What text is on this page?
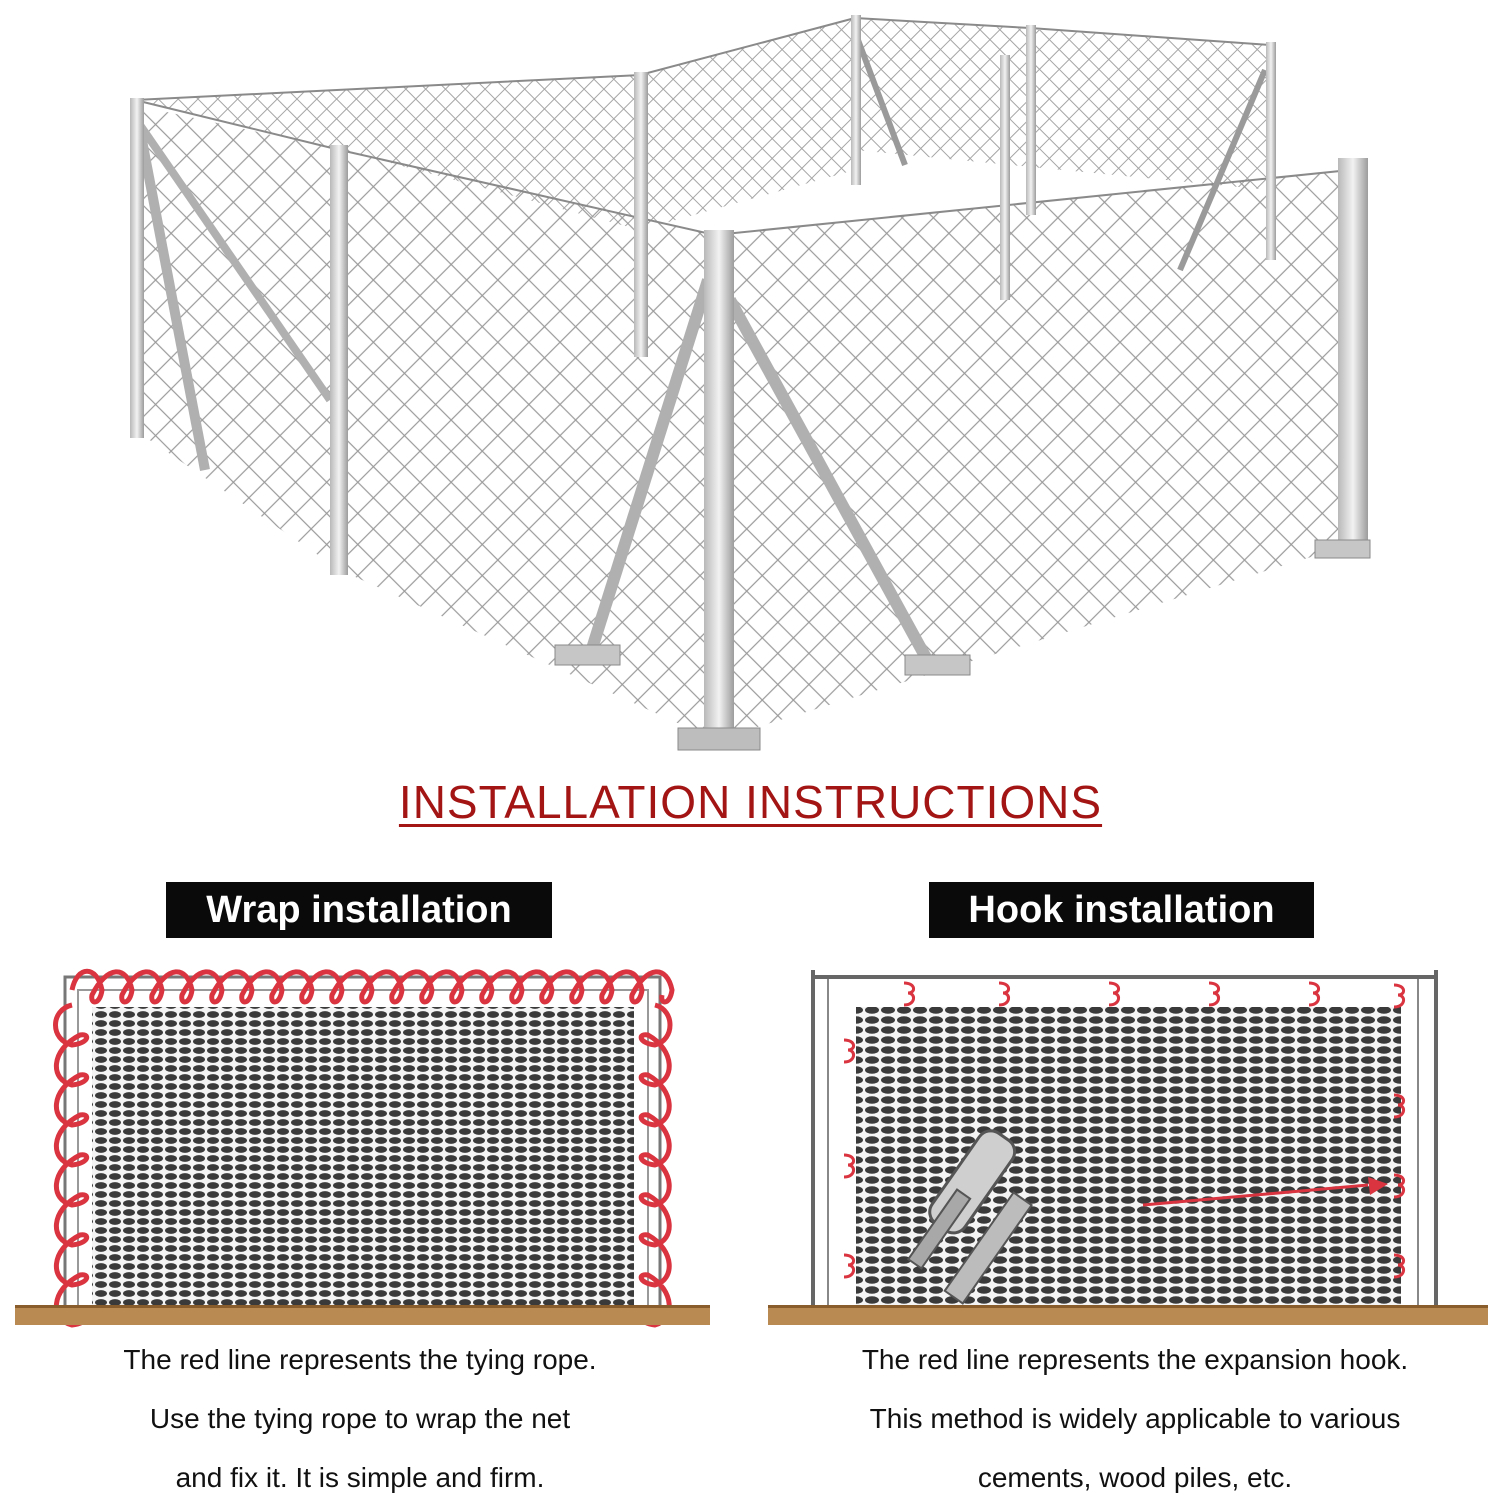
INSTALLATION INSTRUCTIONS
Wrap installation	Hook installation
The red line represents the tying rope.
Use the tying rope to wrap the net
and fix it. It is simple and firm.
The red line represents the expansion hook.
This method is widely applicable to various
cements, wood piles, etc.
